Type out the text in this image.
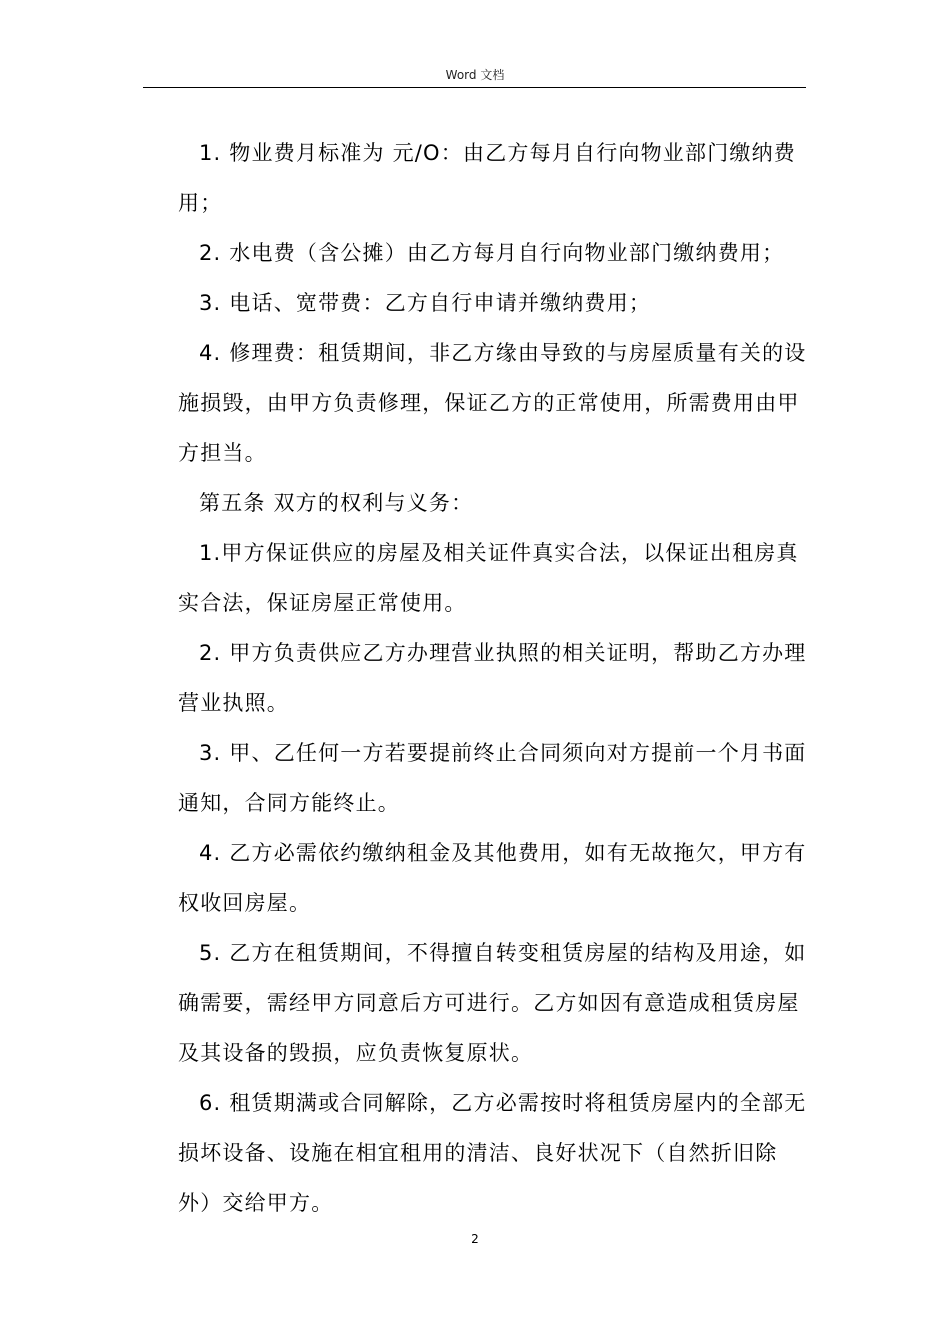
Word 文档

1. 物业费月标准为 元/O：由乙方每月自行向物业部门缴纳费用；

2. 水电费（含公摊）由乙方每月自行向物业部门缴纳费用；

3. 电话、宽带费：乙方自行申请并缴纳费用；

4. 修理费：租赁期间，非乙方缘由导致的与房屋质量有关的设施损毁，由甲方负责修理，保证乙方的正常使用，所需费用由甲方担当。

第五条 双方的权利与义务：

1.甲方保证供应的房屋及相关证件真实合法，以保证出租房真实合法，保证房屋正常使用。

2. 甲方负责供应乙方办理营业执照的相关证明，帮助乙方办理营业执照。

3. 甲、乙任何一方若要提前终止合同须向对方提前一个月书面通知，合同方能终止。

4. 乙方必需依约缴纳租金及其他费用，如有无故拖欠，甲方有权收回房屋。

5. 乙方在租赁期间，不得擅自转变租赁房屋的结构及用途，如确需要，需经甲方同意后方可进行。乙方如因有意造成租赁房屋及其设备的毁损，应负责恢复原状。

6. 租赁期满或合同解除，乙方必需按时将租赁房屋内的全部无损坏设备、设施在相宜租用的清洁、良好状况下（自然折旧除外）交给甲方。

2
